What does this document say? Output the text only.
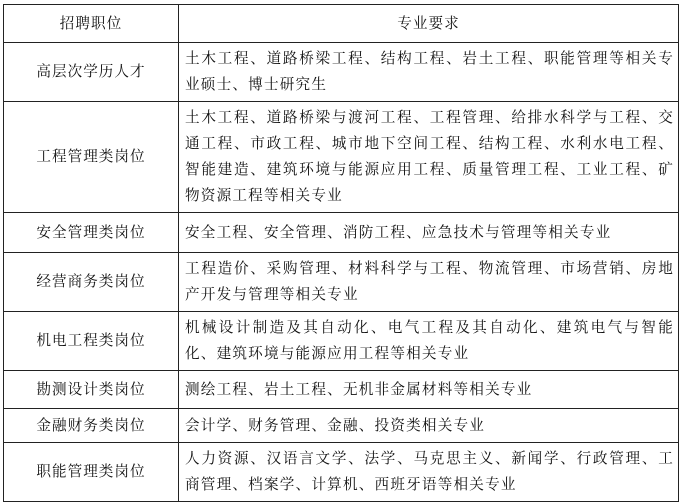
招聘职位	专业要求
高层次学历人才	土木工程、道路桥梁工程、结构工程、岩土工程、职能管理等相关专业硕士、博士研究生
工程管理类岗位	土木工程、道路桥梁与渡河工程、工程管理、给排水科学与工程、交通工程、市政工程、城市地下空间工程、结构工程、水利水电工程、智能建造、建筑环境与能源应用工程、质量管理工程、工业工程、矿物资源工程等相关专业
安全管理类岗位	安全工程、安全管理、消防工程、应急技术与管理等相关专业
经营商务类岗位	工程造价、采购管理、材料科学与工程、物流管理、市场营销、房地产开发与管理等相关专业
机电工程类岗位	机械设计制造及其自动化、电气工程及其自动化、建筑电气与智能化、建筑环境与能源应用工程等相关专业
勘测设计类岗位	测绘工程、岩土工程、无机非金属材料等相关专业
金融财务类岗位	会计学、财务管理、金融、投资类相关专业
职能管理类岗位	人力资源、汉语言文学、法学、马克思主义、新闻学、行政管理、工商管理、档案学、计算机、西班牙语等相关专业
